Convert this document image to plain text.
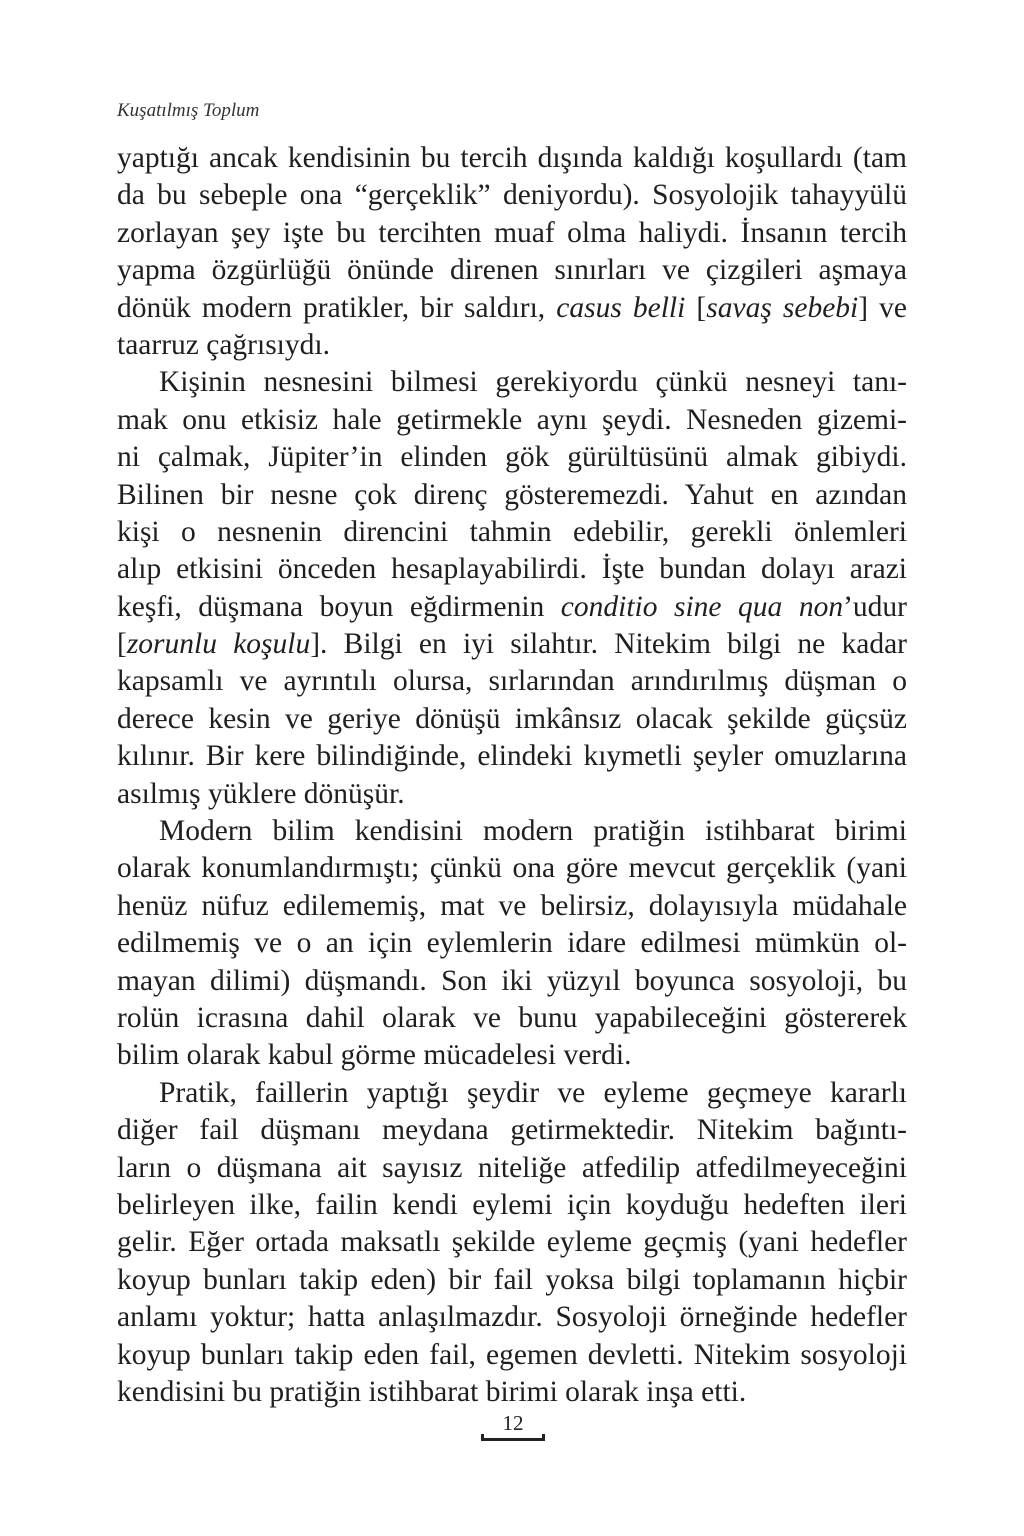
Kuşatılmış Toplum
yaptığı ancak kendisinin bu tercih dışında kaldığı koşullardı (tam
da bu sebeple ona “gerçeklik” deniyordu). Sosyolojik tahayyülü
zorlayan şey işte bu tercihten muaf olma haliydi. İnsanın tercih
yapma özgürlüğü önünde direnen sınırları ve çizgileri aşmaya
dönük modern pratikler, bir saldırı, casus belli [savaş sebebi] ve
taarruz çağrısıydı.
Kişinin nesnesini bilmesi gerekiyordu çünkü nesneyi tanı-
mak onu etkisiz hale getirmekle aynı şeydi. Nesneden gizemi-
ni çalmak, Jüpiter’in elinden gök gürültüsünü almak gibiydi.
Bilinen bir nesne çok direnç gösteremezdi. Yahut en azından
kişi o nesnenin direncini tahmin edebilir, gerekli önlemleri
alıp etkisini önceden hesaplayabilirdi. İşte bundan dolayı arazi
keşfi, düşmana boyun eğdirmenin conditio sine qua non’udur
[zorunlu koşulu]. Bilgi en iyi silahtır. Nitekim bilgi ne kadar
kapsamlı ve ayrıntılı olursa, sırlarından arındırılmış düşman o
derece kesin ve geriye dönüşü imkânsız olacak şekilde güçsüz
kılınır. Bir kere bilindiğinde, elindeki kıymetli şeyler omuzlarına
asılmış yüklere dönüşür.
Modern bilim kendisini modern pratiğin istihbarat birimi
olarak konumlandırmıştı; çünkü ona göre mevcut gerçeklik (yani
henüz nüfuz edilememiş, mat ve belirsiz, dolayısıyla müdahale
edilmemiş ve o an için eylemlerin idare edilmesi mümkün ol-
mayan dilimi) düşmandı. Son iki yüzyıl boyunca sosyoloji, bu
rolün icrasına dahil olarak ve bunu yapabileceğini göstererek
bilim olarak kabul görme mücadelesi verdi.
Pratik, faillerin yaptığı şeydir ve eyleme geçmeye kararlı
diğer fail düşmanı meydana getirmektedir. Nitekim bağıntı-
ların o düşmana ait sayısız niteliğe atfedilip atfedilmeyeceğini
belirleyen ilke, failin kendi eylemi için koyduğu hedeften ileri
gelir. Eğer ortada maksatlı şekilde eyleme geçmiş (yani hedefler
koyup bunları takip eden) bir fail yoksa bilgi toplamanın hiçbir
anlamı yoktur; hatta anlaşılmazdır. Sosyoloji örneğinde hedefler
koyup bunları takip eden fail, egemen devletti. Nitekim sosyoloji
kendisini bu pratiğin istihbarat birimi olarak inşa etti.
12
